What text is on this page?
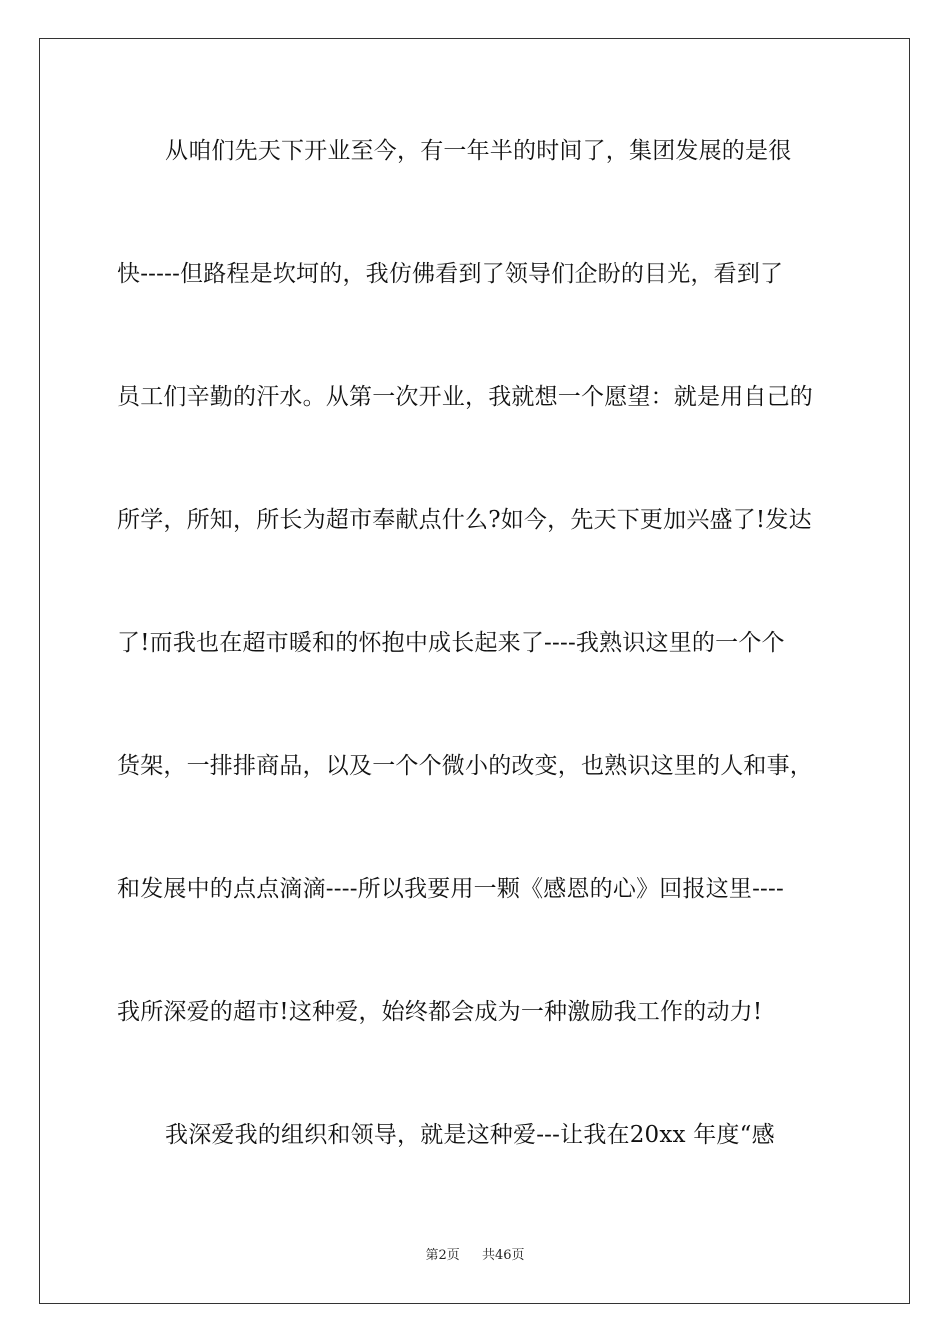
从咱们先天下开业至今，有一年半的时间了，集团发展的是很
快-----但路程是坎坷的，我仿佛看到了领导们企盼的目光，看到了
员工们辛勤的汗水。从第一次开业，我就想一个愿望：就是用自己的
所学，所知，所长为超市奉献点什么?如今，先天下更加兴盛了!发达
了!而我也在超市暖和的怀抱中成长起来了----我熟识这里的一个个
货架，一排排商品，以及一个个微小的改变，也熟识这里的人和事，
和发展中的点点滴滴----所以我要用一颗《感恩的心》回报这里----
我所深爱的超市!这种爱，始终都会成为一种激励我工作的动力!
我深爱我的组织和领导，就是这种爱---让我在20xx 年度“感
第2页 共46页
